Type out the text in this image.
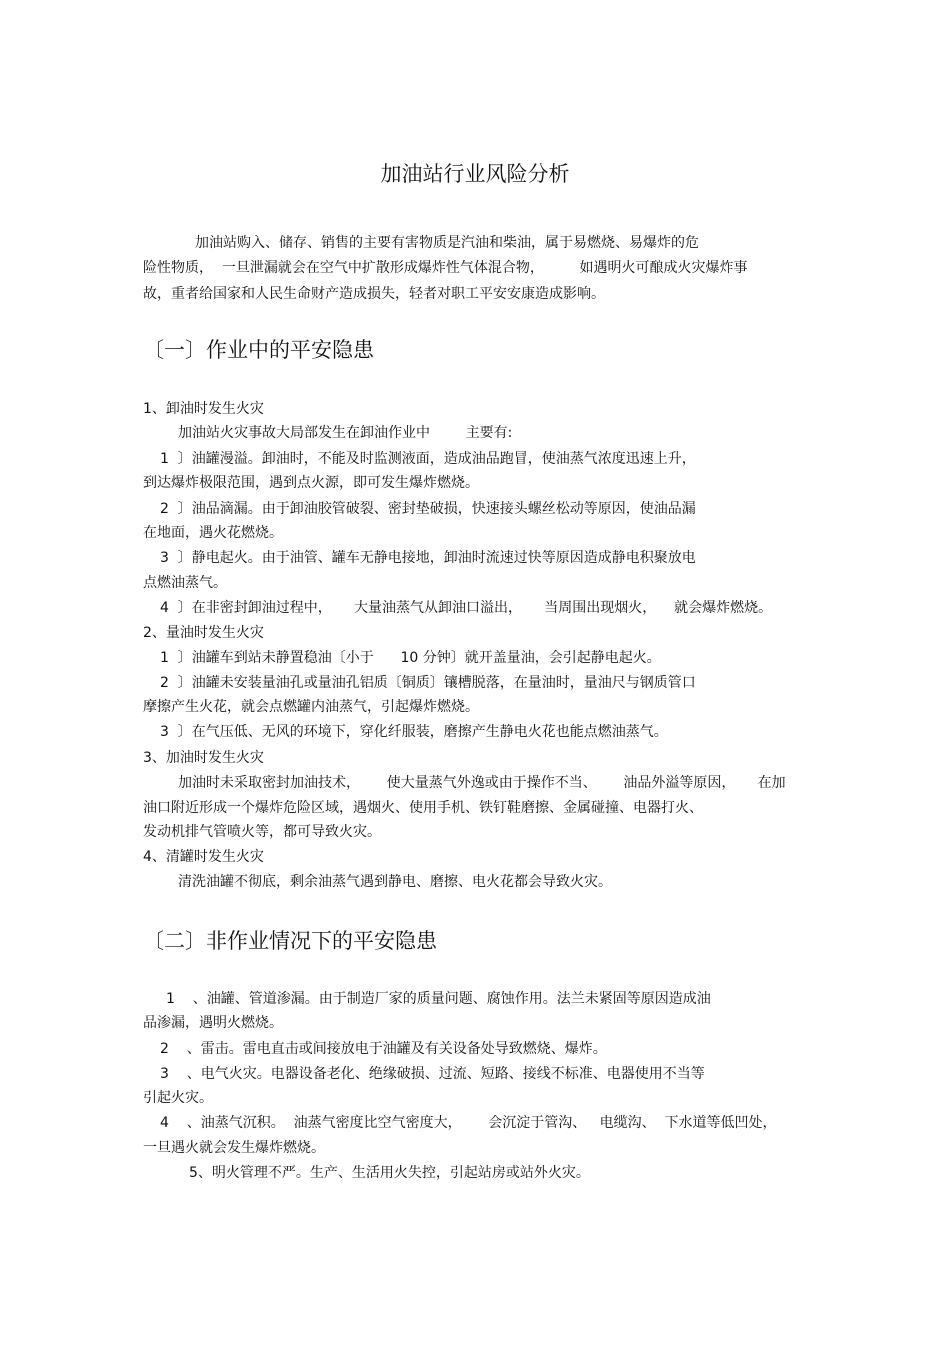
加油站行业风险分析
加油站购入、储存、销售的主要有害物质是汽油和柴油，属于易燃烧、易爆炸的危
险性物质，  一旦泄漏就会在空气中扩散形成爆炸性气体混合物，        如遇明火可酿成火灾爆炸事
故，重者给国家和人民生命财产造成损失，轻者对职工平安安康造成影响。
〔一〕作业中的平安隐患
1、卸油时发生火灾
加油站火灾事故大局部发生在卸油作业中        主要有:
1  〕油罐漫溢。卸油时，不能及时监测液面，造成油品跑冒，使油蒸气浓度迅速上升，
到达爆炸极限范围，遇到点火源，即可发生爆炸燃烧。
2  〕油品滴漏。由于卸油胶管破裂、密封垫破损，快速接头螺丝松动等原因，使油品漏
在地面，遇火花燃烧。
3  〕静电起火。由于油管、罐车无静电接地，卸油时流速过快等原因造成静电积聚放电
点燃油蒸气。
4  〕在非密封卸油过程中，     大量油蒸气从卸油口溢出，     当周围出现烟火，    就会爆炸燃烧。
2、量油时发生火灾
1  〕油罐车到站未静置稳油〔小于      10 分钟〕就开盖量油，会引起静电起火。
2  〕油罐未安装量油孔或量油孔铝质〔铜质〕镶槽脱落，在量油时，量油尺与钢质管口
摩擦产生火花，就会点燃罐内油蒸气，引起爆炸燃烧。
3  〕在气压低、无风的环境下，穿化纤服装，磨擦产生静电火花也能点燃油蒸气。
3、加油时发生火灾
加油时未采取密封加油技术，      使大量蒸气外逸或由于操作不当、      油品外溢等原因，     在加
油口附近形成一个爆炸危险区域，遇烟火、使用手机、铁钉鞋磨擦、金属碰撞、电器打火、
发动机排气管喷火等，都可导致火灾。
4、清罐时发生火灾
清洗油罐不彻底，剩余油蒸气遇到静电、磨擦、电火花都会导致火灾。
〔二〕非作业情况下的平安隐患
1    、油罐、管道渗漏。由于制造厂家的质量问题、腐蚀作用。法兰未紧固等原因造成油
品渗漏，遇明火燃烧。
2    、雷击。雷电直击或间接放电于油罐及有关设备处导致燃烧、爆炸。
3    、电气火灾。电器设备老化、绝缘破损、过流、短路、接线不标准、电器使用不当等
引起火灾。
4    、油蒸气沉积。  油蒸气密度比空气密度大，      会沉淀于管沟、   电缆沟、  下水道等低凹处，
一旦遇火就会发生爆炸燃烧。
5、明火管理不严。生产、生活用火失控，引起站房或站外火灾。
